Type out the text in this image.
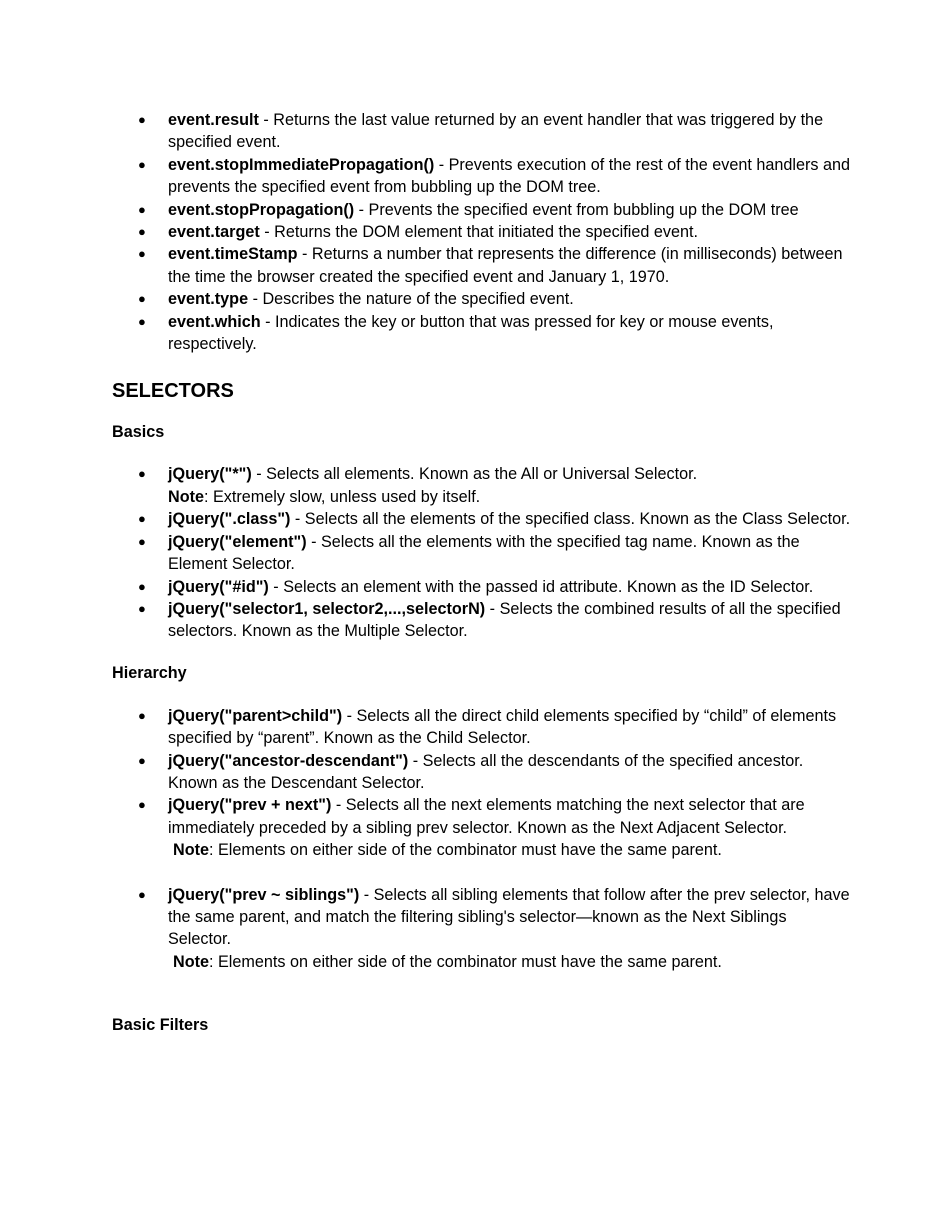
● event.result - Returns the last value returned by an event handler that was triggered by the specified event.
● event.stopImmediatePropagation() - Prevents execution of the rest of the event handlers and prevents the specified event from bubbling up the DOM tree.
● event.stopPropagation() - Prevents the specified event from bubbling up the DOM tree
● event.target - Returns the DOM element that initiated the specified event.
● event.timeStamp - Returns a number that represents the difference (in milliseconds) between the time the browser created the specified event and January 1, 1970.
● event.type - Describes the nature of the specified event.
● event.which - Indicates the key or button that was pressed for key or mouse events, respectively.
SELECTORS
Basics
● jQuery("*") - Selects all elements. Known as the All or Universal Selector.
Note: Extremely slow, unless used by itself.
● jQuery(".class") - Selects all the elements of the specified class. Known as the Class Selector.
● jQuery("element") - Selects all the elements with the specified tag name. Known as the Element Selector.
● jQuery("#id") - Selects an element with the passed id attribute. Known as the ID Selector.
● jQuery("selector1, selector2,...,selectorN) - Selects the combined results of all the specified selectors. Known as the Multiple Selector.
Hierarchy
● jQuery("parent>child") - Selects all the direct child elements specified by “child” of elements specified by “parent”. Known as the Child Selector.
● jQuery("ancestor-descendant") - Selects all the descendants of the specified ancestor. Known as the Descendant Selector.
● jQuery("prev + next") - Selects all the next elements matching the next selector that are immediately preceded by a sibling prev selector. Known as the Next Adjacent Selector.
Note: Elements on either side of the combinator must have the same parent.
● jQuery("prev ~ siblings") - Selects all sibling elements that follow after the prev selector, have the same parent, and match the filtering sibling's selector—known as the Next Siblings Selector.
Note: Elements on either side of the combinator must have the same parent.
Basic Filters
